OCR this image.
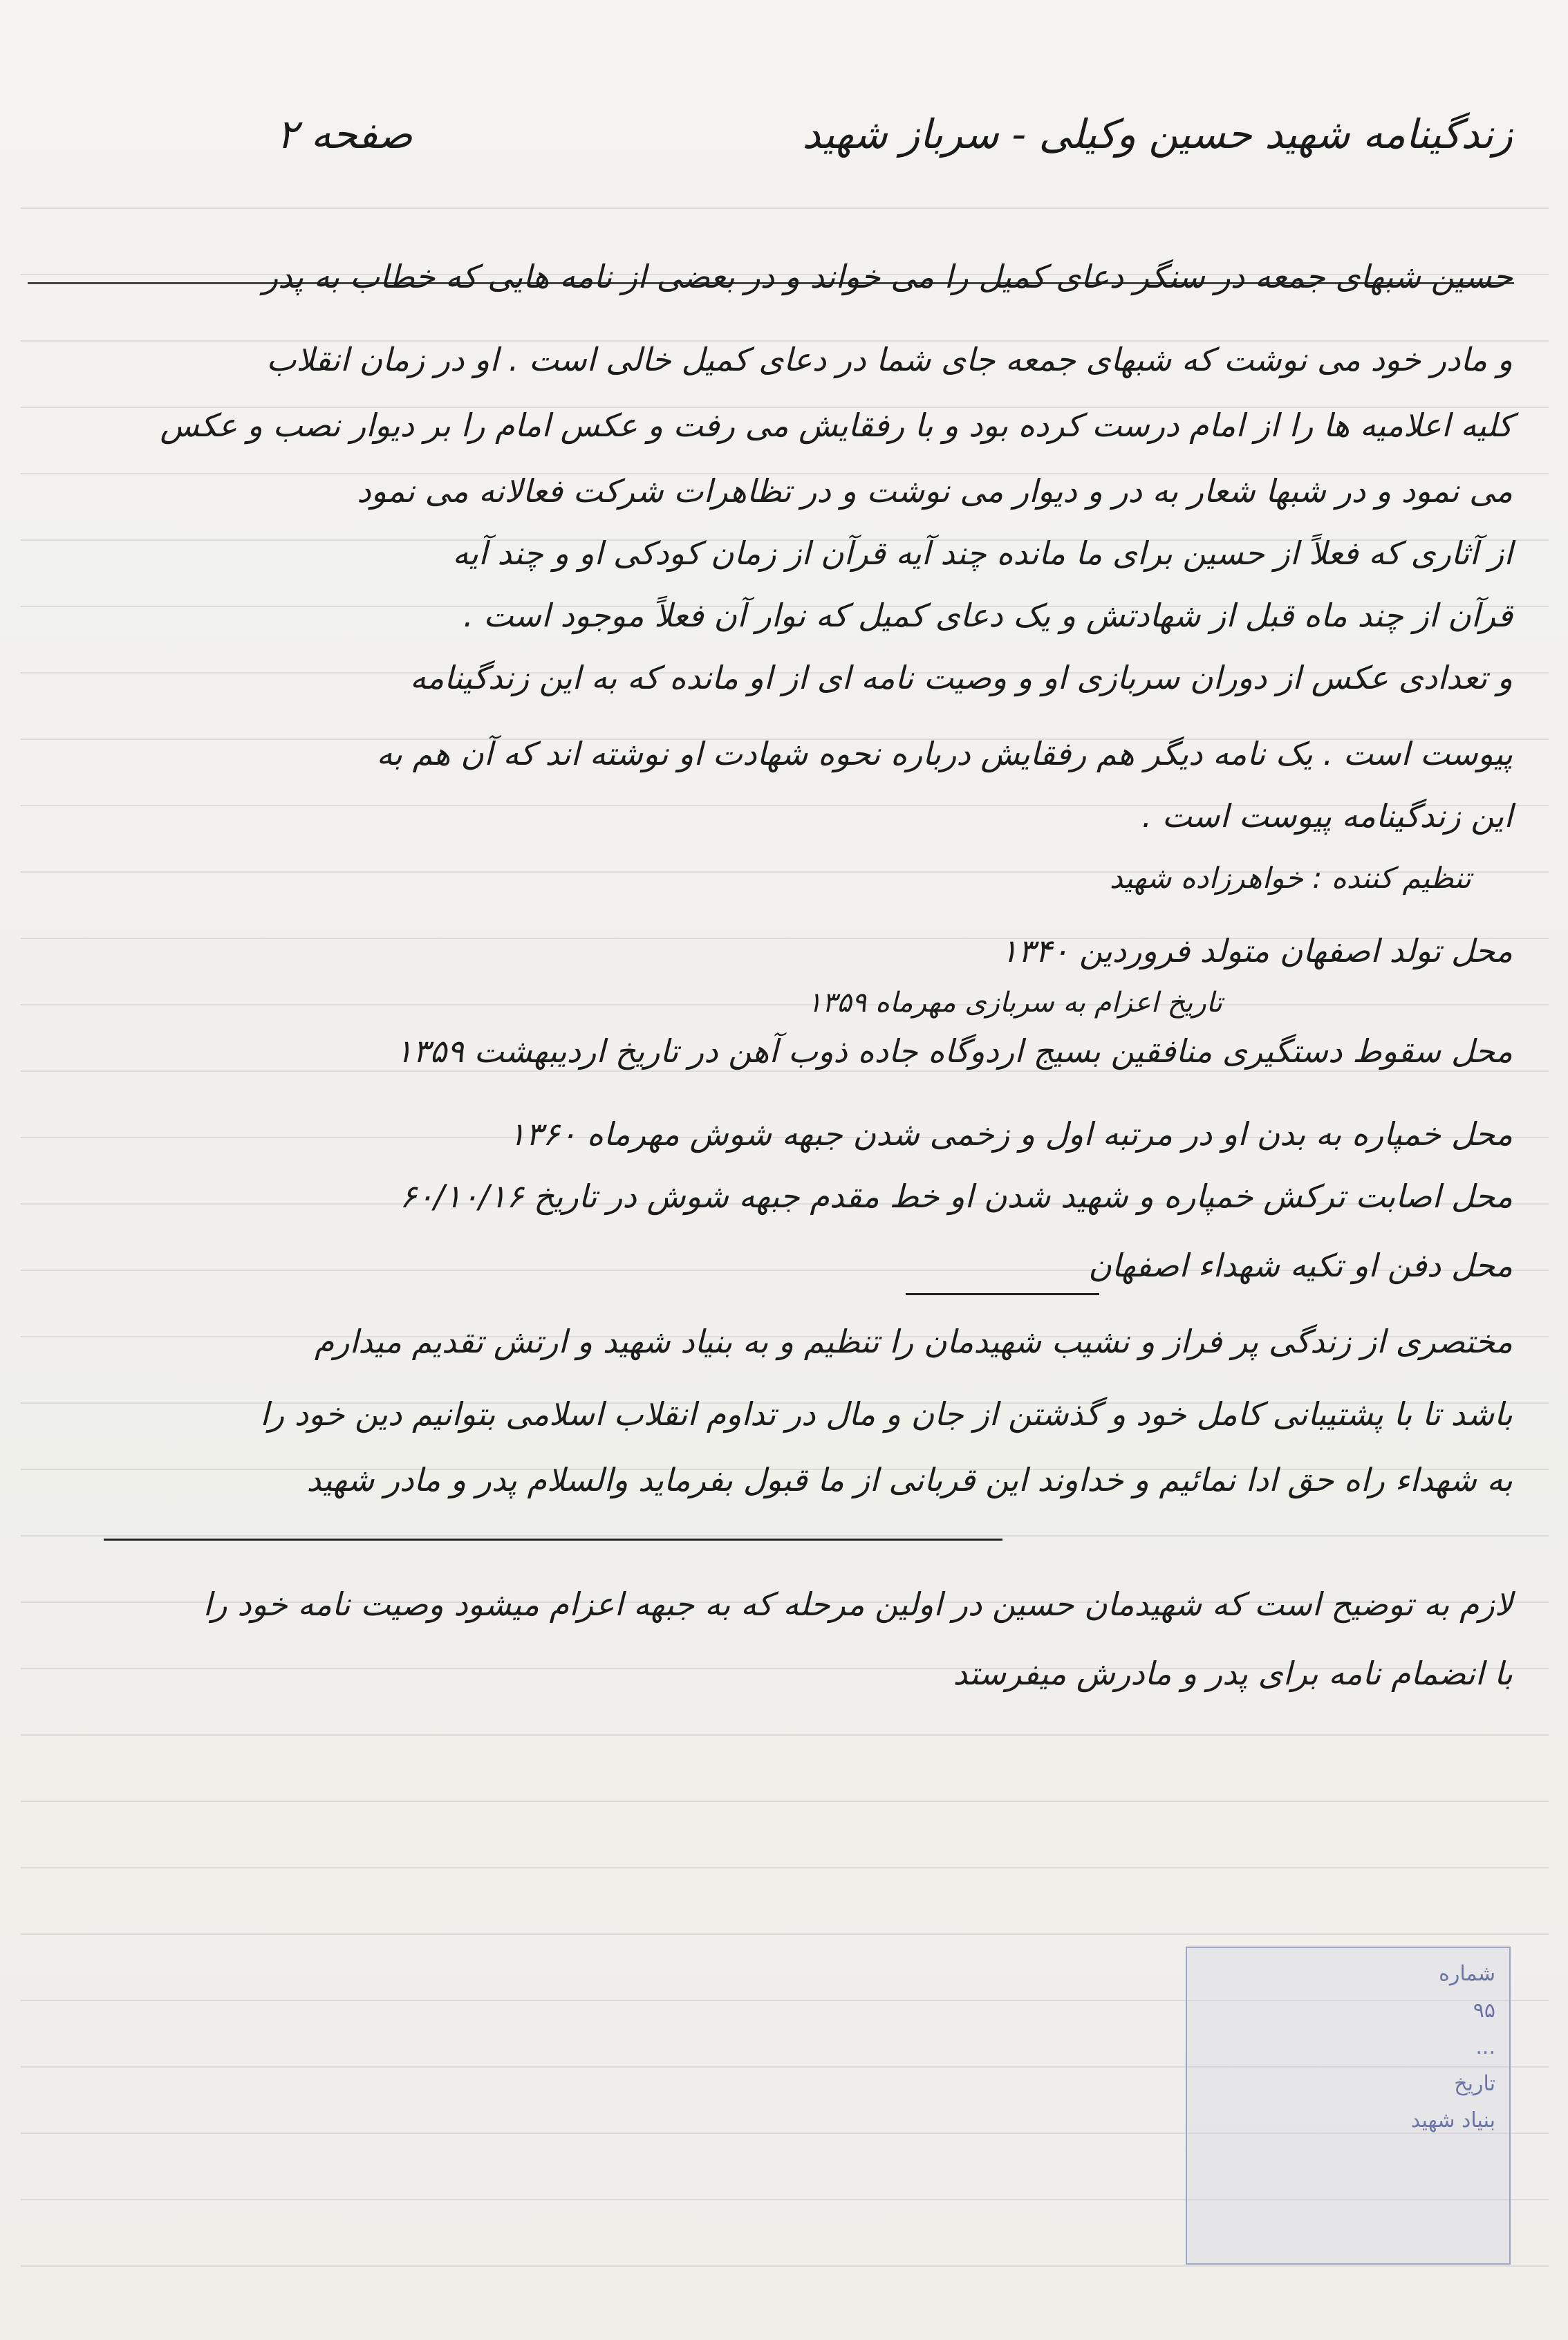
زندگینامه شهید حسین وکیلی - سرباز شهید
صفحه ۲
حسین شبهای جمعه در سنگر دعای کمیل را می خواند و در بعضی از نامه هایی که خطاب به پدر
و مادر خود می نوشت که شبهای جمعه جای شما در دعای کمیل خالی است . او در زمان انقلاب
کلیه اعلامیه ها را از امام درست کرده بود و با رفقایش می رفت و عکس امام را بر دیوار نصب و عکس
می نمود و در شبها شعار به در و دیوار می نوشت و در تظاهرات شرکت فعالانه می نمود
از آثاری که فعلاً از حسین برای ما مانده چند آیه قرآن از زمان کودکی او و چند آیه
قرآن از چند ماه قبل از شهادتش و یک دعای کمیل که نوار آن فعلاً موجود است .
و تعدادی عکس از دوران سربازی او و وصیت نامه ای از او مانده که به این زندگینامه
پیوست است . یک نامه دیگر هم رفقایش درباره نحوه شهادت او نوشته اند که آن هم به
این زندگینامه پیوست است .
تنظیم کننده : خواهرزاده شهید
محل تولد اصفهان متولد فروردین ۱۳۴۰
تاریخ اعزام به سربازی مهرماه ۱۳۵۹
محل سقوط دستگیری منافقین بسیج اردوگاه جاده ذوب آهن در تاریخ اردیبهشت ۱۳۵۹
محل خمپاره به بدن او در مرتبه اول و زخمی شدن جبهه شوش مهرماه ۱۳۶۰
محل اصابت ترکش خمپاره و شهید شدن او خط مقدم جبهه شوش در تاریخ ۶۰/۱۰/۱۶
محل دفن او تکیه شهداء اصفهان
مختصری از زندگی پر فراز و نشیب شهیدمان را تنظیم و به بنیاد شهید و ارتش تقدیم میدارم
باشد تا با پشتیبانی کامل خود و گذشتن از جان و مال در تداوم انقلاب اسلامی بتوانیم دین خود را
به شهداء راه حق ادا نمائیم و خداوند این قربانی از ما قبول بفرماید والسلام پدر و مادر شهید
لازم به توضیح است که شهیدمان حسین در اولین مرحله که به جبهه اعزام میشود وصیت نامه خود را
با انضمام نامه برای پدر و مادرش میفرستد
شماره
۹۵
...
تاریخ
بنیاد شهید
